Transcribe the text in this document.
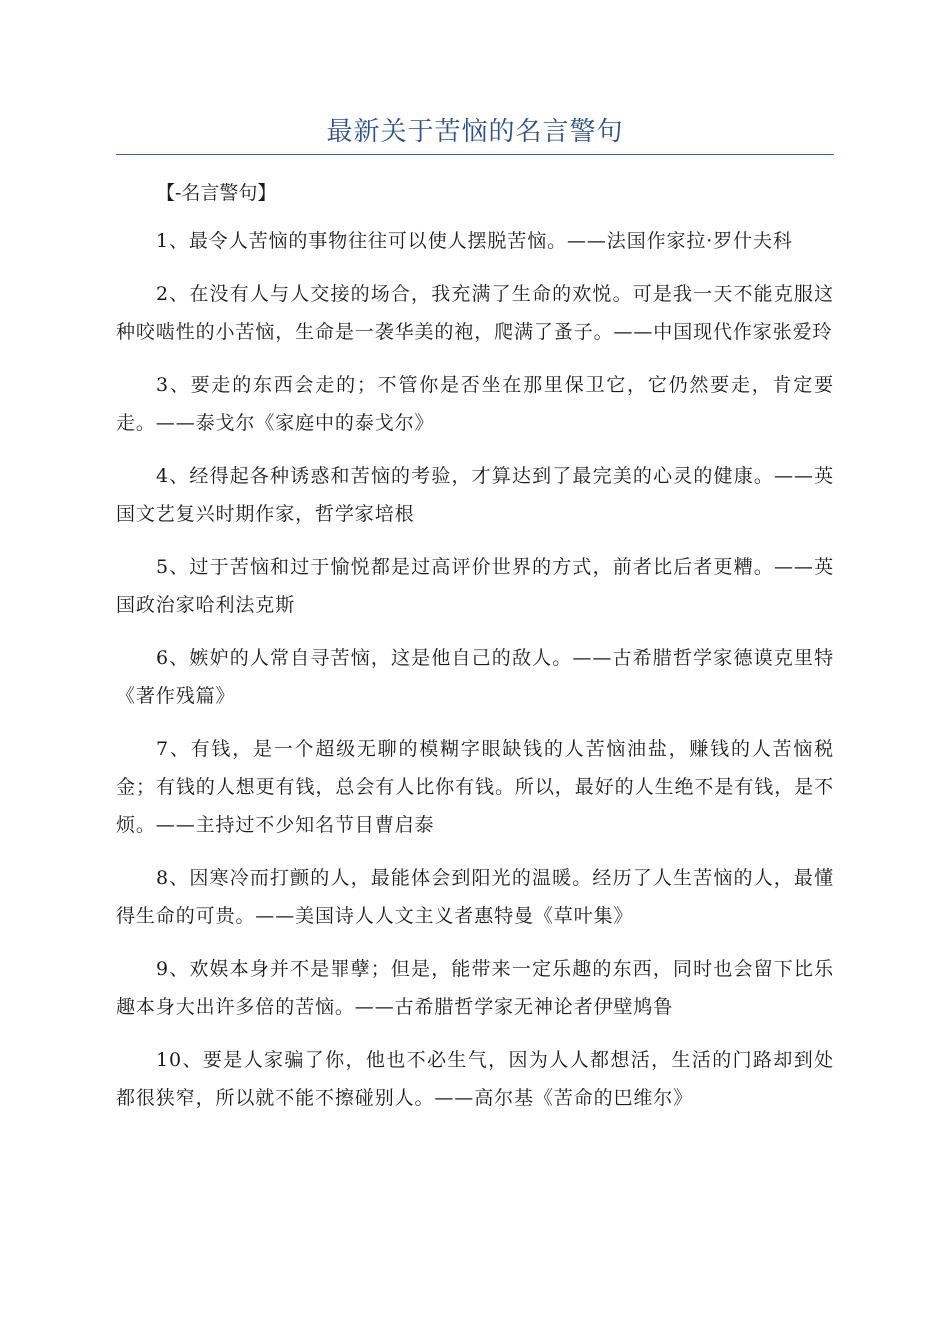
最新关于苦恼的名言警句

【-名言警句】

1、最令人苦恼的事物往往可以使人摆脱苦恼。——法国作家拉·罗什夫科

2、在没有人与人交接的场合，我充满了生命的欢悦。可是我一天不能克服这种咬啮性的小苦恼，生命是一袭华美的袍，爬满了蚤子。——中国现代作家张爱玲

3、要走的东西会走的；不管你是否坐在那里保卫它，它仍然要走，肯定要走。——泰戈尔《家庭中的泰戈尔》

4、经得起各种诱惑和苦恼的考验，才算达到了最完美的心灵的健康。——英国文艺复兴时期作家，哲学家培根

5、过于苦恼和过于愉悦都是过高评价世界的方式，前者比后者更糟。——英国政治家哈利法克斯

6、嫉妒的人常自寻苦恼，这是他自己的敌人。——古希腊哲学家德谟克里特《著作残篇》

7、有钱，是一个超级无聊的模糊字眼缺钱的人苦恼油盐，赚钱的人苦恼税金；有钱的人想更有钱，总会有人比你有钱。所以，最好的人生绝不是有钱，是不烦。——主持过不少知名节目曹启泰

8、因寒冷而打颤的人，最能体会到阳光的温暖。经历了人生苦恼的人，最懂得生命的可贵。——美国诗人人文主义者惠特曼《草叶集》

9、欢娱本身并不是罪孽；但是，能带来一定乐趣的东西，同时也会留下比乐趣本身大出许多倍的苦恼。——古希腊哲学家无神论者伊壁鸠鲁

10、要是人家骗了你，他也不必生气，因为人人都想活，生活的门路却到处都很狭窄，所以就不能不擦碰别人。——高尔基《苦命的巴维尔》
